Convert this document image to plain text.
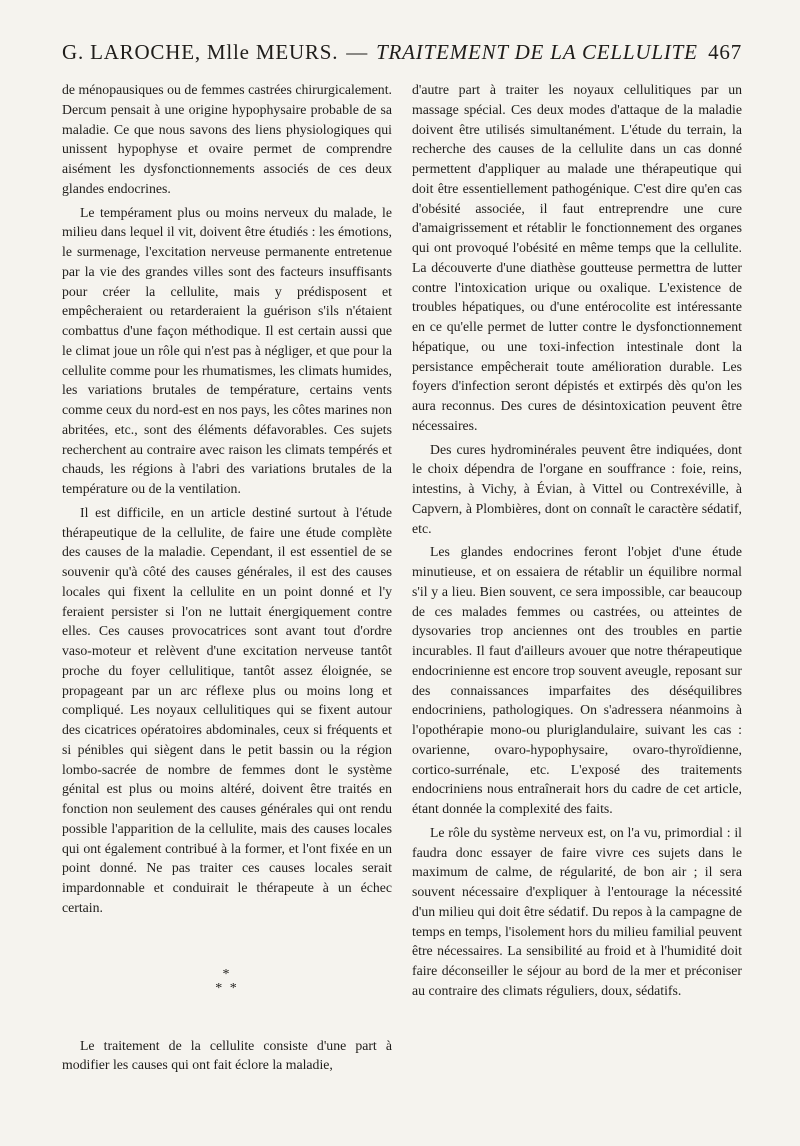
G. LAROCHE, Mlle MEURS. — TRAITEMENT DE LA CELLULITE 467

de ménopausiques ou de femmes castrées chirurgicalement. Dercum pensait à une origine hypophysaire probable de sa maladie. Ce que nous savons des liens physiologiques qui unissent hypophyse et ovaire permet de comprendre aisément les dysfonctionnements associés de ces deux glandes endocrines.

Le tempérament plus ou moins nerveux du malade, le milieu dans lequel il vit, doivent être étudiés : les émotions, le surmenage, l'excitation nerveuse permanente entretenue par la vie des grandes villes sont des facteurs insuffisants pour créer la cellulite, mais y prédisposent et empêcheraient ou retarderaient la guérison s'ils n'étaient combattus d'une façon méthodique. Il est certain aussi que le climat joue un rôle qui n'est pas à négliger, et que pour la cellulite comme pour les rhumatismes, les climats humides, les variations brutales de température, certains vents comme ceux du nord-est en nos pays, les côtes marines non abritées, etc., sont des éléments défavorables. Ces sujets recherchent au contraire avec raison les climats tempérés et chauds, les régions à l'abri des variations brutales de la température ou de la ventilation.

Il est difficile, en un article destiné surtout à l'étude thérapeutique de la cellulite, de faire une étude complète des causes de la maladie. Cependant, il est essentiel de se souvenir qu'à côté des causes générales, il est des causes locales qui fixent la cellulite en un point donné et l'y feraient persister si l'on ne luttait énergiquement contre elles. Ces causes provocatrices sont avant tout d'ordre vaso-moteur et relèvent d'une excitation nerveuse tantôt proche du foyer cellulitique, tantôt assez éloignée, se propageant par un arc réflexe plus ou moins long et compliqué. Les noyaux cellulitiques qui se fixent autour des cicatrices opératoires abdominales, ceux si fréquents et si pénibles qui siègent dans le petit bassin ou la région lombo-sacrée de nombre de femmes dont le système génital est plus ou moins altéré, doivent être traités en fonction non seulement des causes générales qui ont rendu possible l'apparition de la cellulite, mais des causes locales qui ont également contribué à la former, et l'ont fixée en un point donné. Ne pas traiter ces causes locales serait impardonnable et conduirait le thérapeute à un échec certain.

*
* *

Le traitement de la cellulite consiste d'une part à modifier les causes qui ont fait éclore la maladie,

d'autre part à traiter les noyaux cellulitiques par un massage spécial. Ces deux modes d'attaque de la maladie doivent être utilisés simultanément. L'étude du terrain, la recherche des causes de la cellulite dans un cas donné permettent d'appliquer au malade une thérapeutique qui doit être essentiellement pathogénique. C'est dire qu'en cas d'obésité associée, il faut entreprendre une cure d'amaigrissement et rétablir le fonctionnement des organes qui ont provoqué l'obésité en même temps que la cellulite. La découverte d'une diathèse goutteuse permettra de lutter contre l'intoxication urique ou oxalique. L'existence de troubles hépatiques, ou d'une entérocolite est intéressante en ce qu'elle permet de lutter contre le dysfonctionnement hépatique, ou une toxi-infection intestinale dont la persistance empêcherait toute amélioration durable. Les foyers d'infection seront dépistés et extirpés dès qu'on les aura reconnus. Des cures de désintoxication peuvent être nécessaires.

Des cures hydrominérales peuvent être indiquées, dont le choix dépendra de l'organe en souffrance : foie, reins, intestins, à Vichy, à Évian, à Vittel ou Contrexéville, à Capvern, à Plombières, dont on connaît le caractère sédatif, etc.

Les glandes endocrines feront l'objet d'une étude minutieuse, et on essaiera de rétablir un équilibre normal s'il y a lieu. Bien souvent, ce sera impossible, car beaucoup de ces malades femmes ou castrées, ou atteintes de dysovaries trop anciennes ont des troubles en partie incurables. Il faut d'ailleurs avouer que notre thérapeutique endocrinienne est encore trop souvent aveugle, reposant sur des connaissances imparfaites des déséquilibres endocriniens, pathologiques. On s'adressera néanmoins à l'opothérapie mono-ou pluriglandulaire, suivant les cas : ovarienne, ovaro-hypophysaire, ovaro-thyroïdienne, cortico-surrénale, etc. L'exposé des traitements endocriniens nous entraînerait hors du cadre de cet article, étant donnée la complexité des faits.

Le rôle du système nerveux est, on l'a vu, primordial : il faudra donc essayer de faire vivre ces sujets dans le maximum de calme, de régularité, de bon air ; il sera souvent nécessaire d'expliquer à l'entourage la nécessité d'un milieu qui doit être sédatif. Du repos à la campagne de temps en temps, l'isolement hors du milieu familial peuvent être nécessaires. La sensibilité au froid et à l'humidité doit faire déconseiller le séjour au bord de la mer et préconiser au contraire des climats réguliers, doux, sédatifs.
